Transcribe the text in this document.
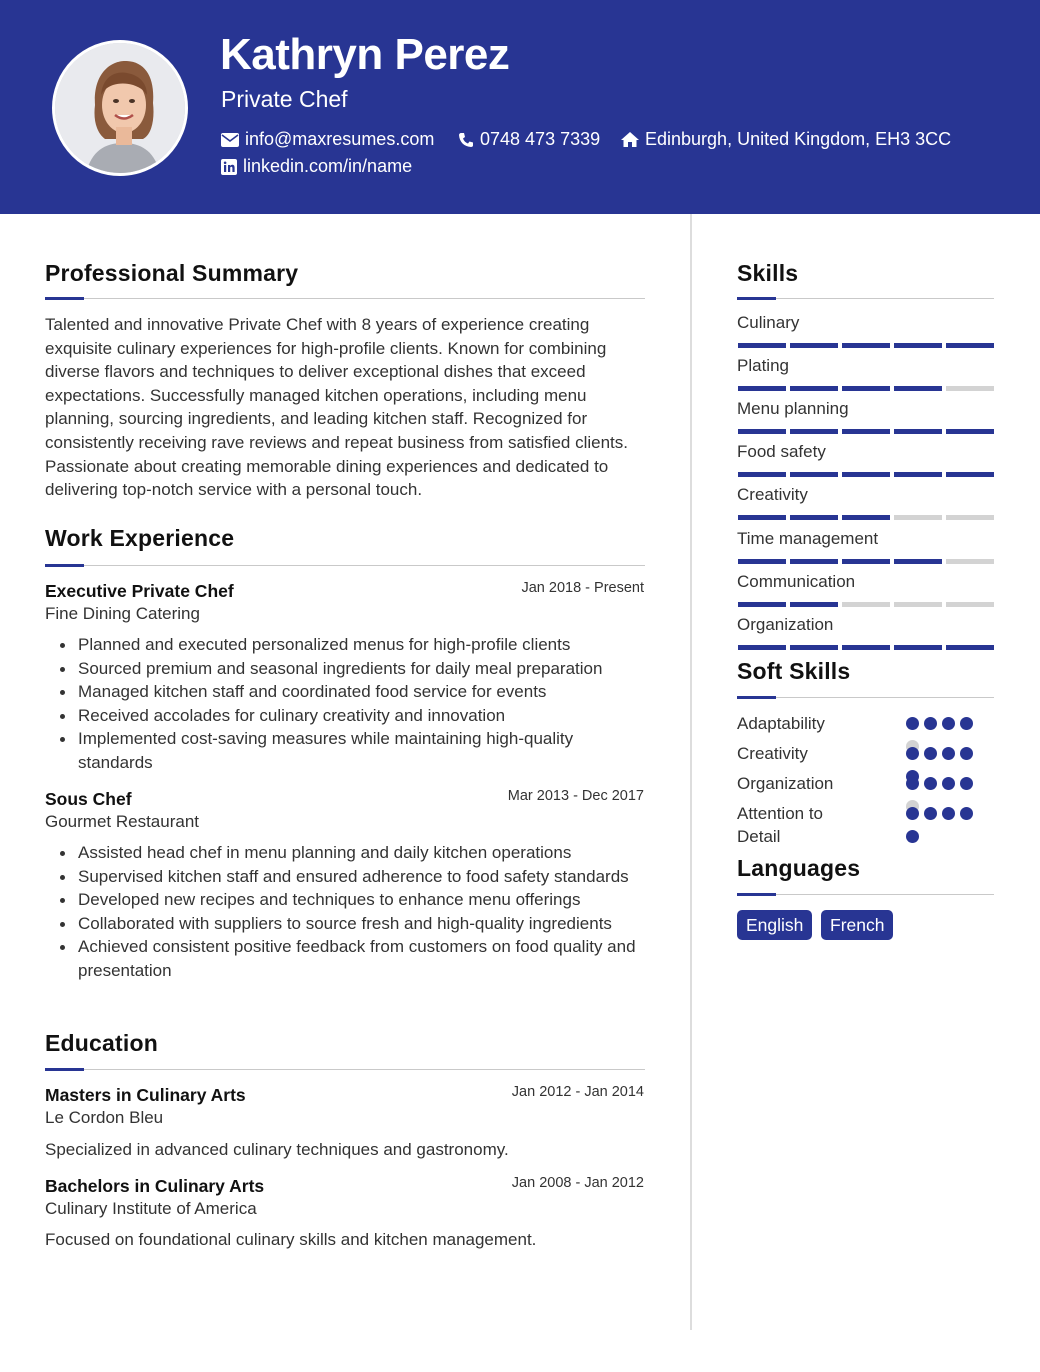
Kathryn Perez
Private Chef
info@maxresumes.com	0748 473 7339 Edinburgh, United Kingdom, EH3 3CC
linkedin.com/in/name
Professional Summary
Talented and innovative Private Chef with 8 years of experience creating exquisite culinary experiences for high-profile clients. Known for combining diverse flavors and techniques to deliver exceptional dishes that exceed expectations. Successfully managed kitchen operations, including menu planning, sourcing ingredients, and leading kitchen staff. Recognized for consistently receiving rave reviews and repeat business from satisfied clients. Passionate about creating memorable dining experiences and dedicated to delivering top-notch service with a personal touch.
Work Experience
Executive Private Chef	Jan 2018 - Present
Fine Dining Catering
Planned and executed personalized menus for high-profile clients
Sourced premium and seasonal ingredients for daily meal preparation
Managed kitchen staff and coordinated food service for events
Received accolades for culinary creativity and innovation
Implemented cost-saving measures while maintaining high-quality standards
Sous Chef	Mar 2013 - Dec 2017
Gourmet Restaurant
Assisted head chef in menu planning and daily kitchen operations
Supervised kitchen staff and ensured adherence to food safety standards
Developed new recipes and techniques to enhance menu offerings
Collaborated with suppliers to source fresh and high-quality ingredients
Achieved consistent positive feedback from customers on food quality and presentation
Education
Masters in Culinary Arts	Jan 2012 - Jan 2014
Le Cordon Bleu
Specialized in advanced culinary techniques and gastronomy.
Bachelors in Culinary Arts	Jan 2008 - Jan 2012
Culinary Institute of America
Focused on foundational culinary skills and kitchen management.
Skills
Culinary
Plating
Menu planning
Food safety
Creativity
Time management
Communication
Organization
Soft Skills
Adaptability
Creativity
Organization
Attention to Detail
Languages
English	French
